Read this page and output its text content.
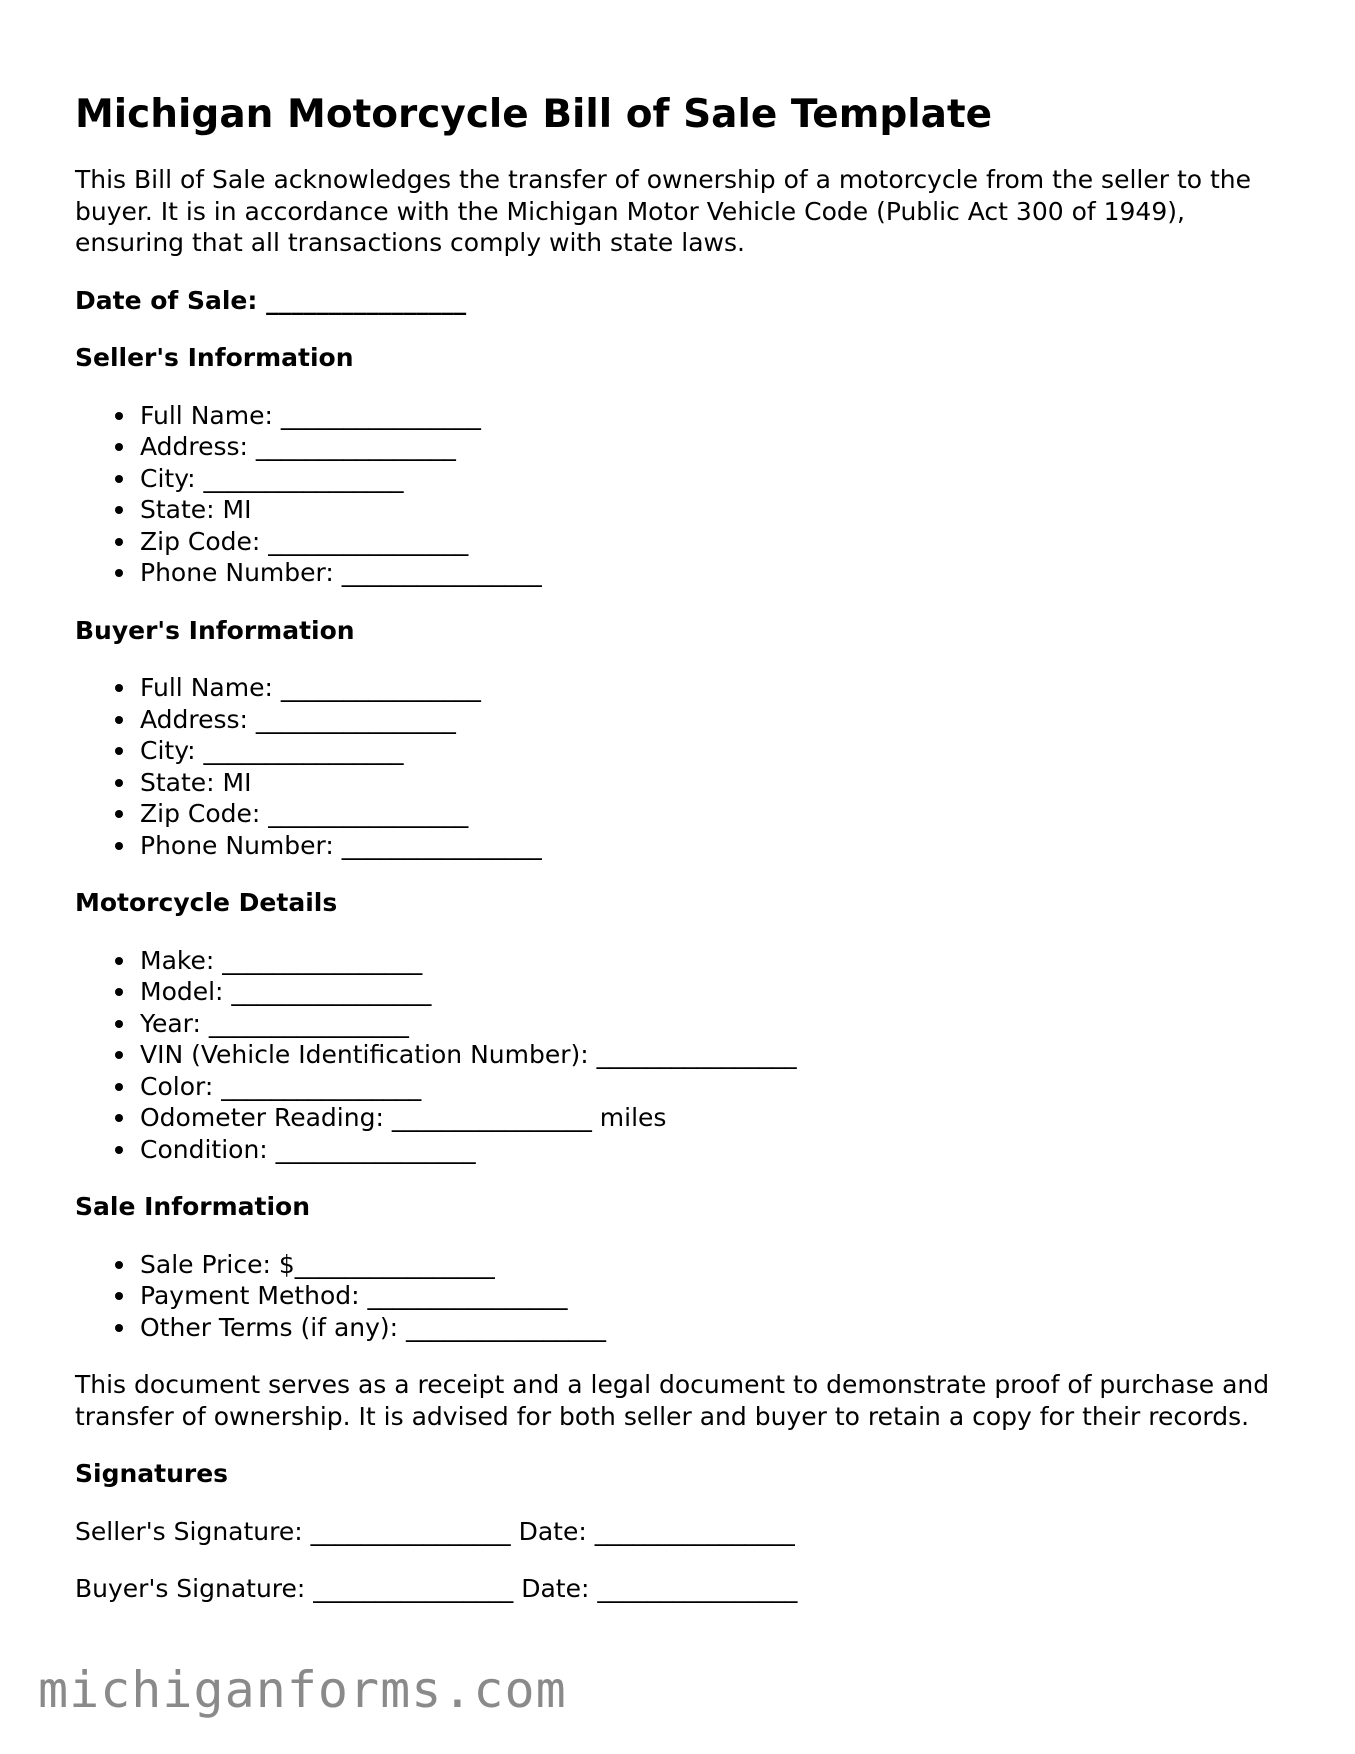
Michigan Motorcycle Bill of Sale Template

This Bill of Sale acknowledges the transfer of ownership of a motorcycle from the seller to the buyer. It is in accordance with the Michigan Motor Vehicle Code (Public Act 300 of 1949), ensuring that all transactions comply with state laws.

Date of Sale: ________________
Seller's Information
Full Name: ________________
Address: ________________
City: ________________
State: MI
Zip Code: ________________
Phone Number: ________________
Buyer's Information
Full Name: ________________
Address: ________________
City: ________________
State: MI
Zip Code: ________________
Phone Number: ________________
Motorcycle Details
Make: ________________
Model: ________________
Year: ________________
VIN (Vehicle Identification Number): ________________
Color: ________________
Odometer Reading: ________________ miles
Condition: ________________
Sale Information
Sale Price: $________________
Payment Method: ________________
Other Terms (if any): ________________

This document serves as a receipt and a legal document to demonstrate proof of purchase and transfer of ownership. It is advised for both seller and buyer to retain a copy for their records.

Signatures
Seller's Signature: ________________ Date: ________________
Buyer's Signature: ________________ Date: ________________
michiganforms.com
